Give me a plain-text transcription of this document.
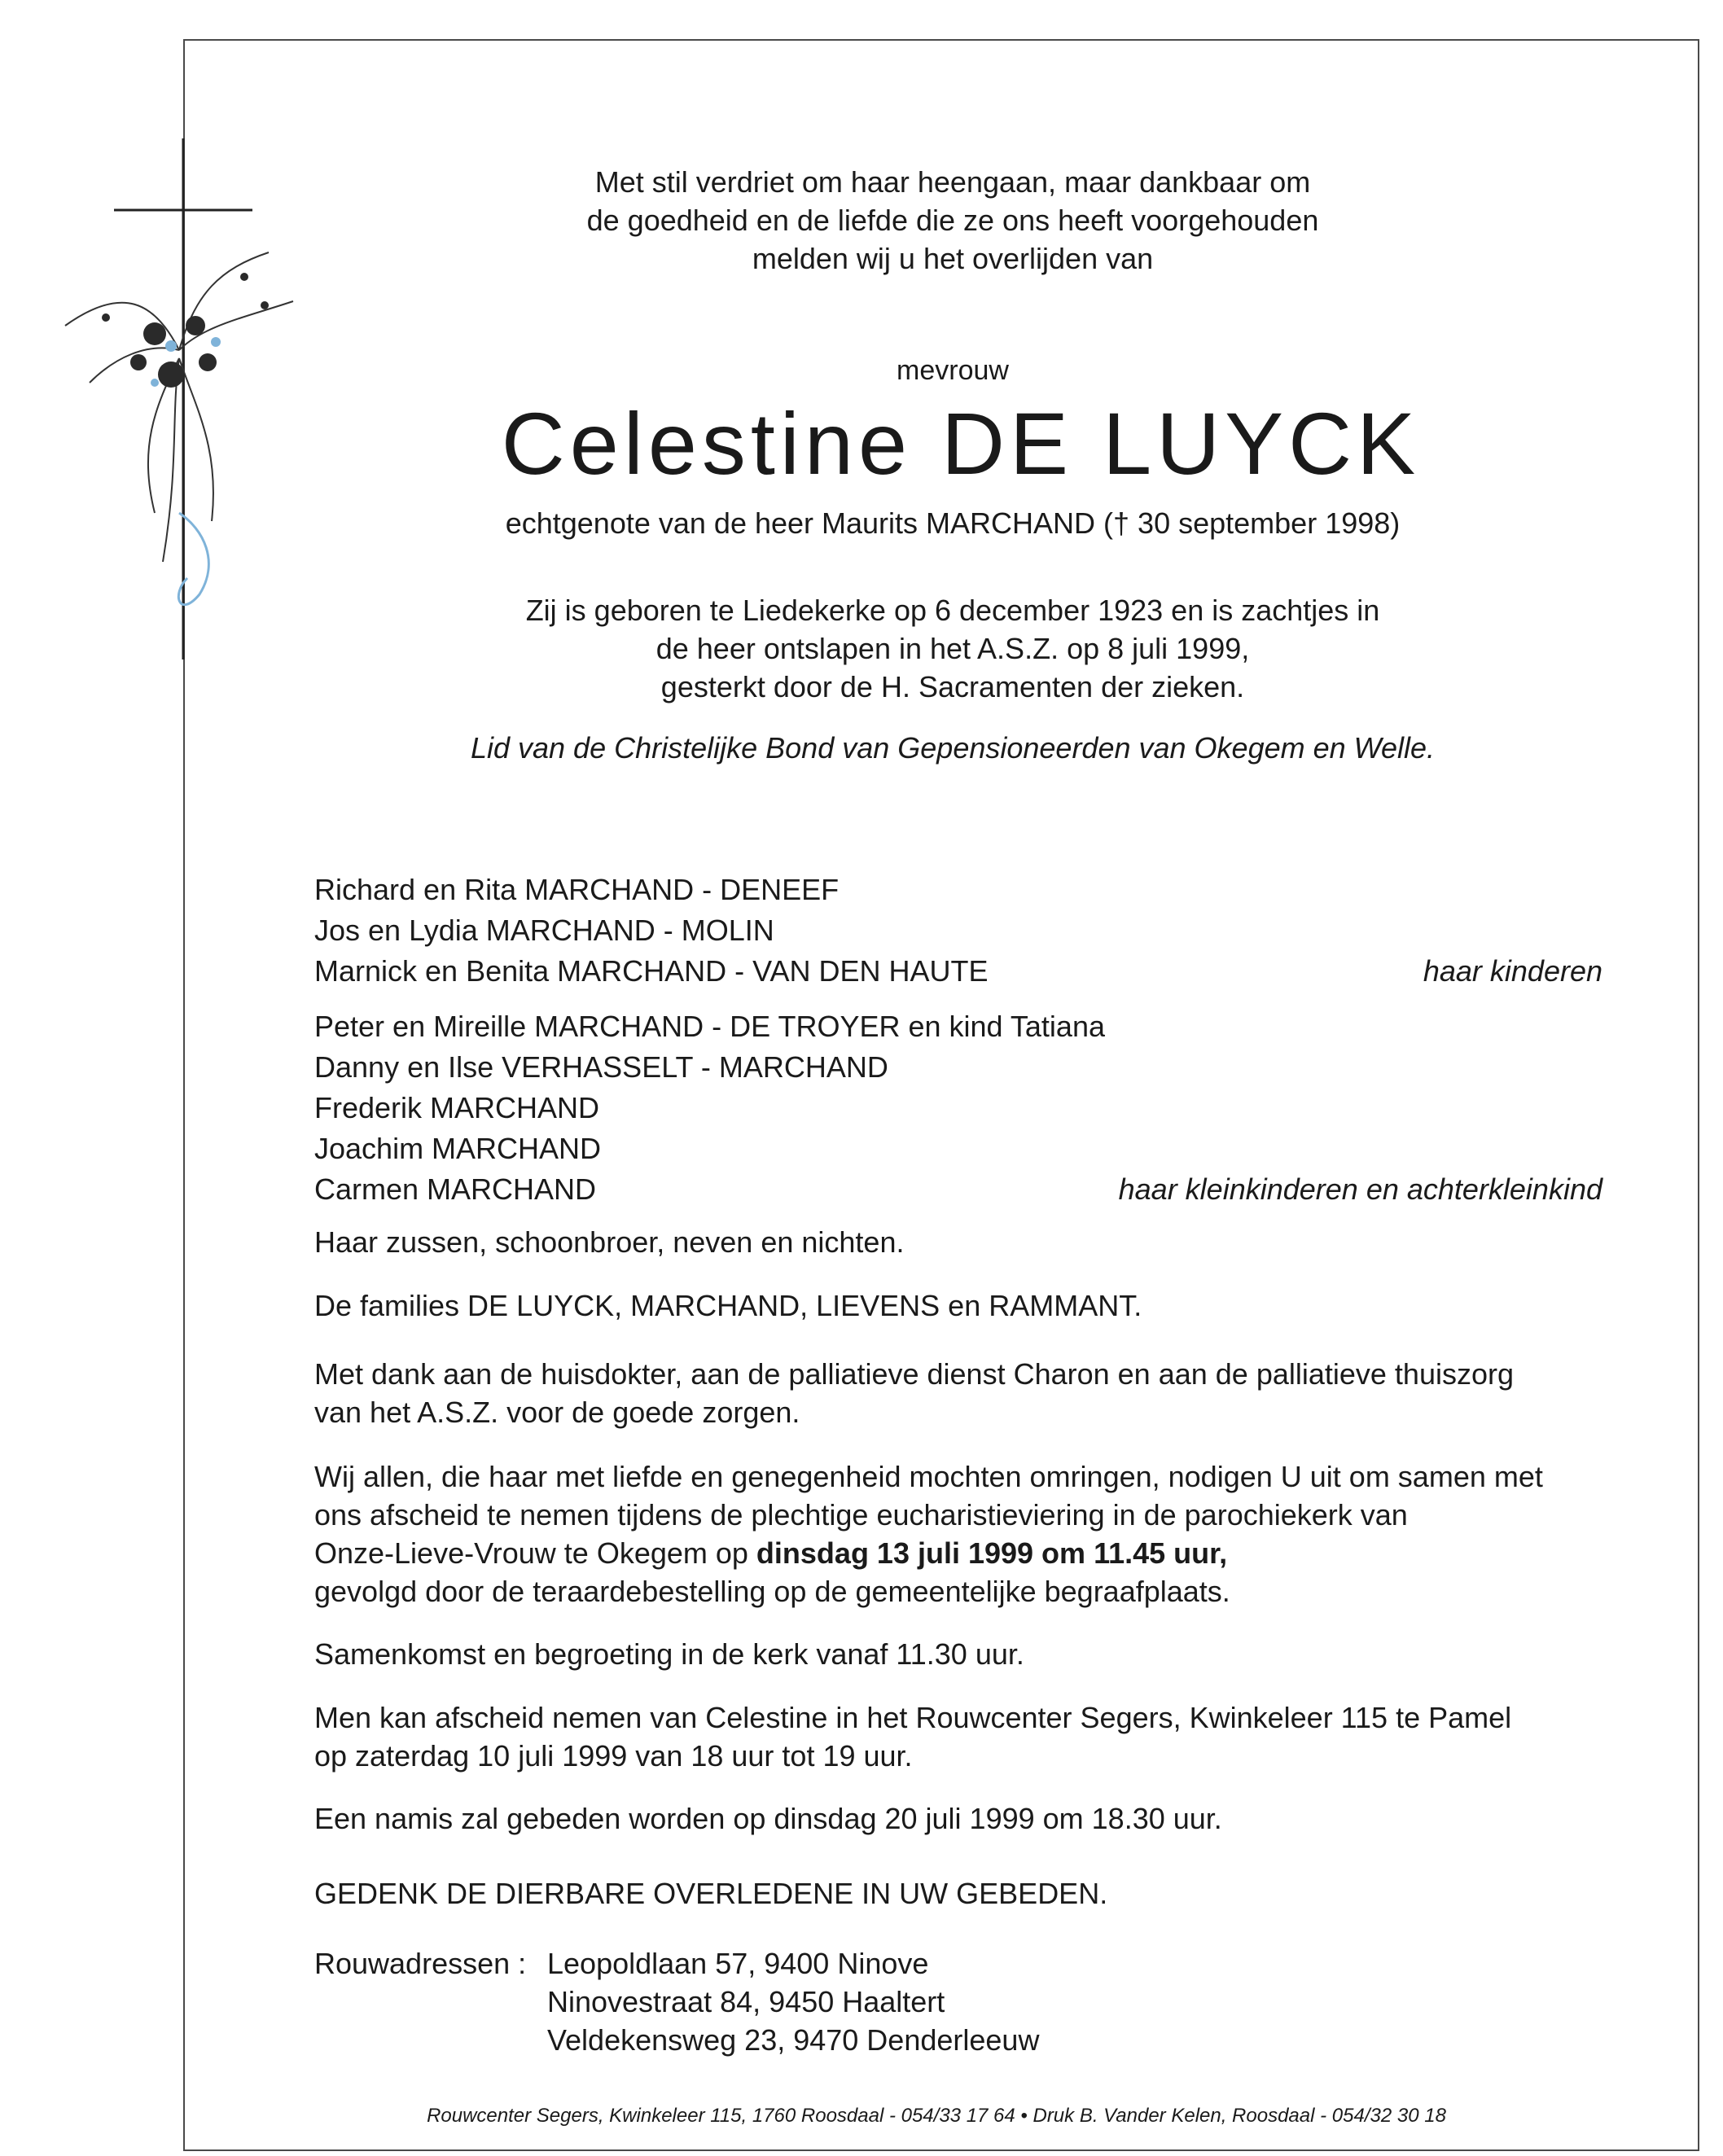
Met stil verdriet om haar heengaan, maar dankbaar om
de goedheid en de liefde die ze ons heeft voorgehouden
melden wij u het overlijden van
mevrouw
Celestine DE LUYCK
echtgenote van de heer Maurits MARCHAND († 30 september 1998)
Zij is geboren te Liedekerke op 6 december 1923 en is zachtjes in
de heer ontslapen in het A.S.Z. op 8 juli 1999,
gesterkt door de H. Sacramenten der zieken.
Lid van de Christelijke Bond van Gepensioneerden van Okegem en Welle.
Richard en Rita MARCHAND - DENEEF
Jos en Lydia MARCHAND - MOLIN
Marnick en Benita MARCHAND - VAN DEN HAUTE	haar kinderen
Peter en Mireille MARCHAND - DE TROYER en kind Tatiana
Danny en Ilse VERHASSELT - MARCHAND
Frederik MARCHAND
Joachim MARCHAND
Carmen MARCHAND	haar kleinkinderen en achterkleinkind
Haar zussen, schoonbroer, neven en nichten.
De families DE LUYCK, MARCHAND, LIEVENS en RAMMANT.
Met dank aan de huisdokter, aan de palliatieve dienst Charon en aan de palliatieve thuiszorg
van het A.S.Z. voor de goede zorgen.
Wij allen, die haar met liefde en genegenheid mochten omringen, nodigen U uit om samen met
ons afscheid te nemen tijdens de plechtige eucharistieviering in de parochiekerk van
Onze-Lieve-Vrouw te Okegem op dinsdag 13 juli 1999 om 11.45 uur,
gevolgd door de teraardebestelling op de gemeentelijke begraafplaats.
Samenkomst en begroeting in de kerk vanaf 11.30 uur.
Men kan afscheid nemen van Celestine in het Rouwcenter Segers, Kwinkeleer 115 te Pamel
op zaterdag 10 juli 1999 van 18 uur tot 19 uur.
Een namis zal gebeden worden op dinsdag 20 juli 1999 om 18.30 uur.
GEDENK DE DIERBARE OVERLEDENE IN UW GEBEDEN.
Rouwadressen :Leopoldlaan 57, 9400 Ninove
Ninovestraat 84, 9450 Haaltert
Veldekensweg 23, 9470 Denderleeuw
Rouwcenter Segers, Kwinkeleer 115, 1760 Roosdaal - 054/33 17 64 • Druk B. Vander Kelen, Roosdaal - 054/32 30 18
